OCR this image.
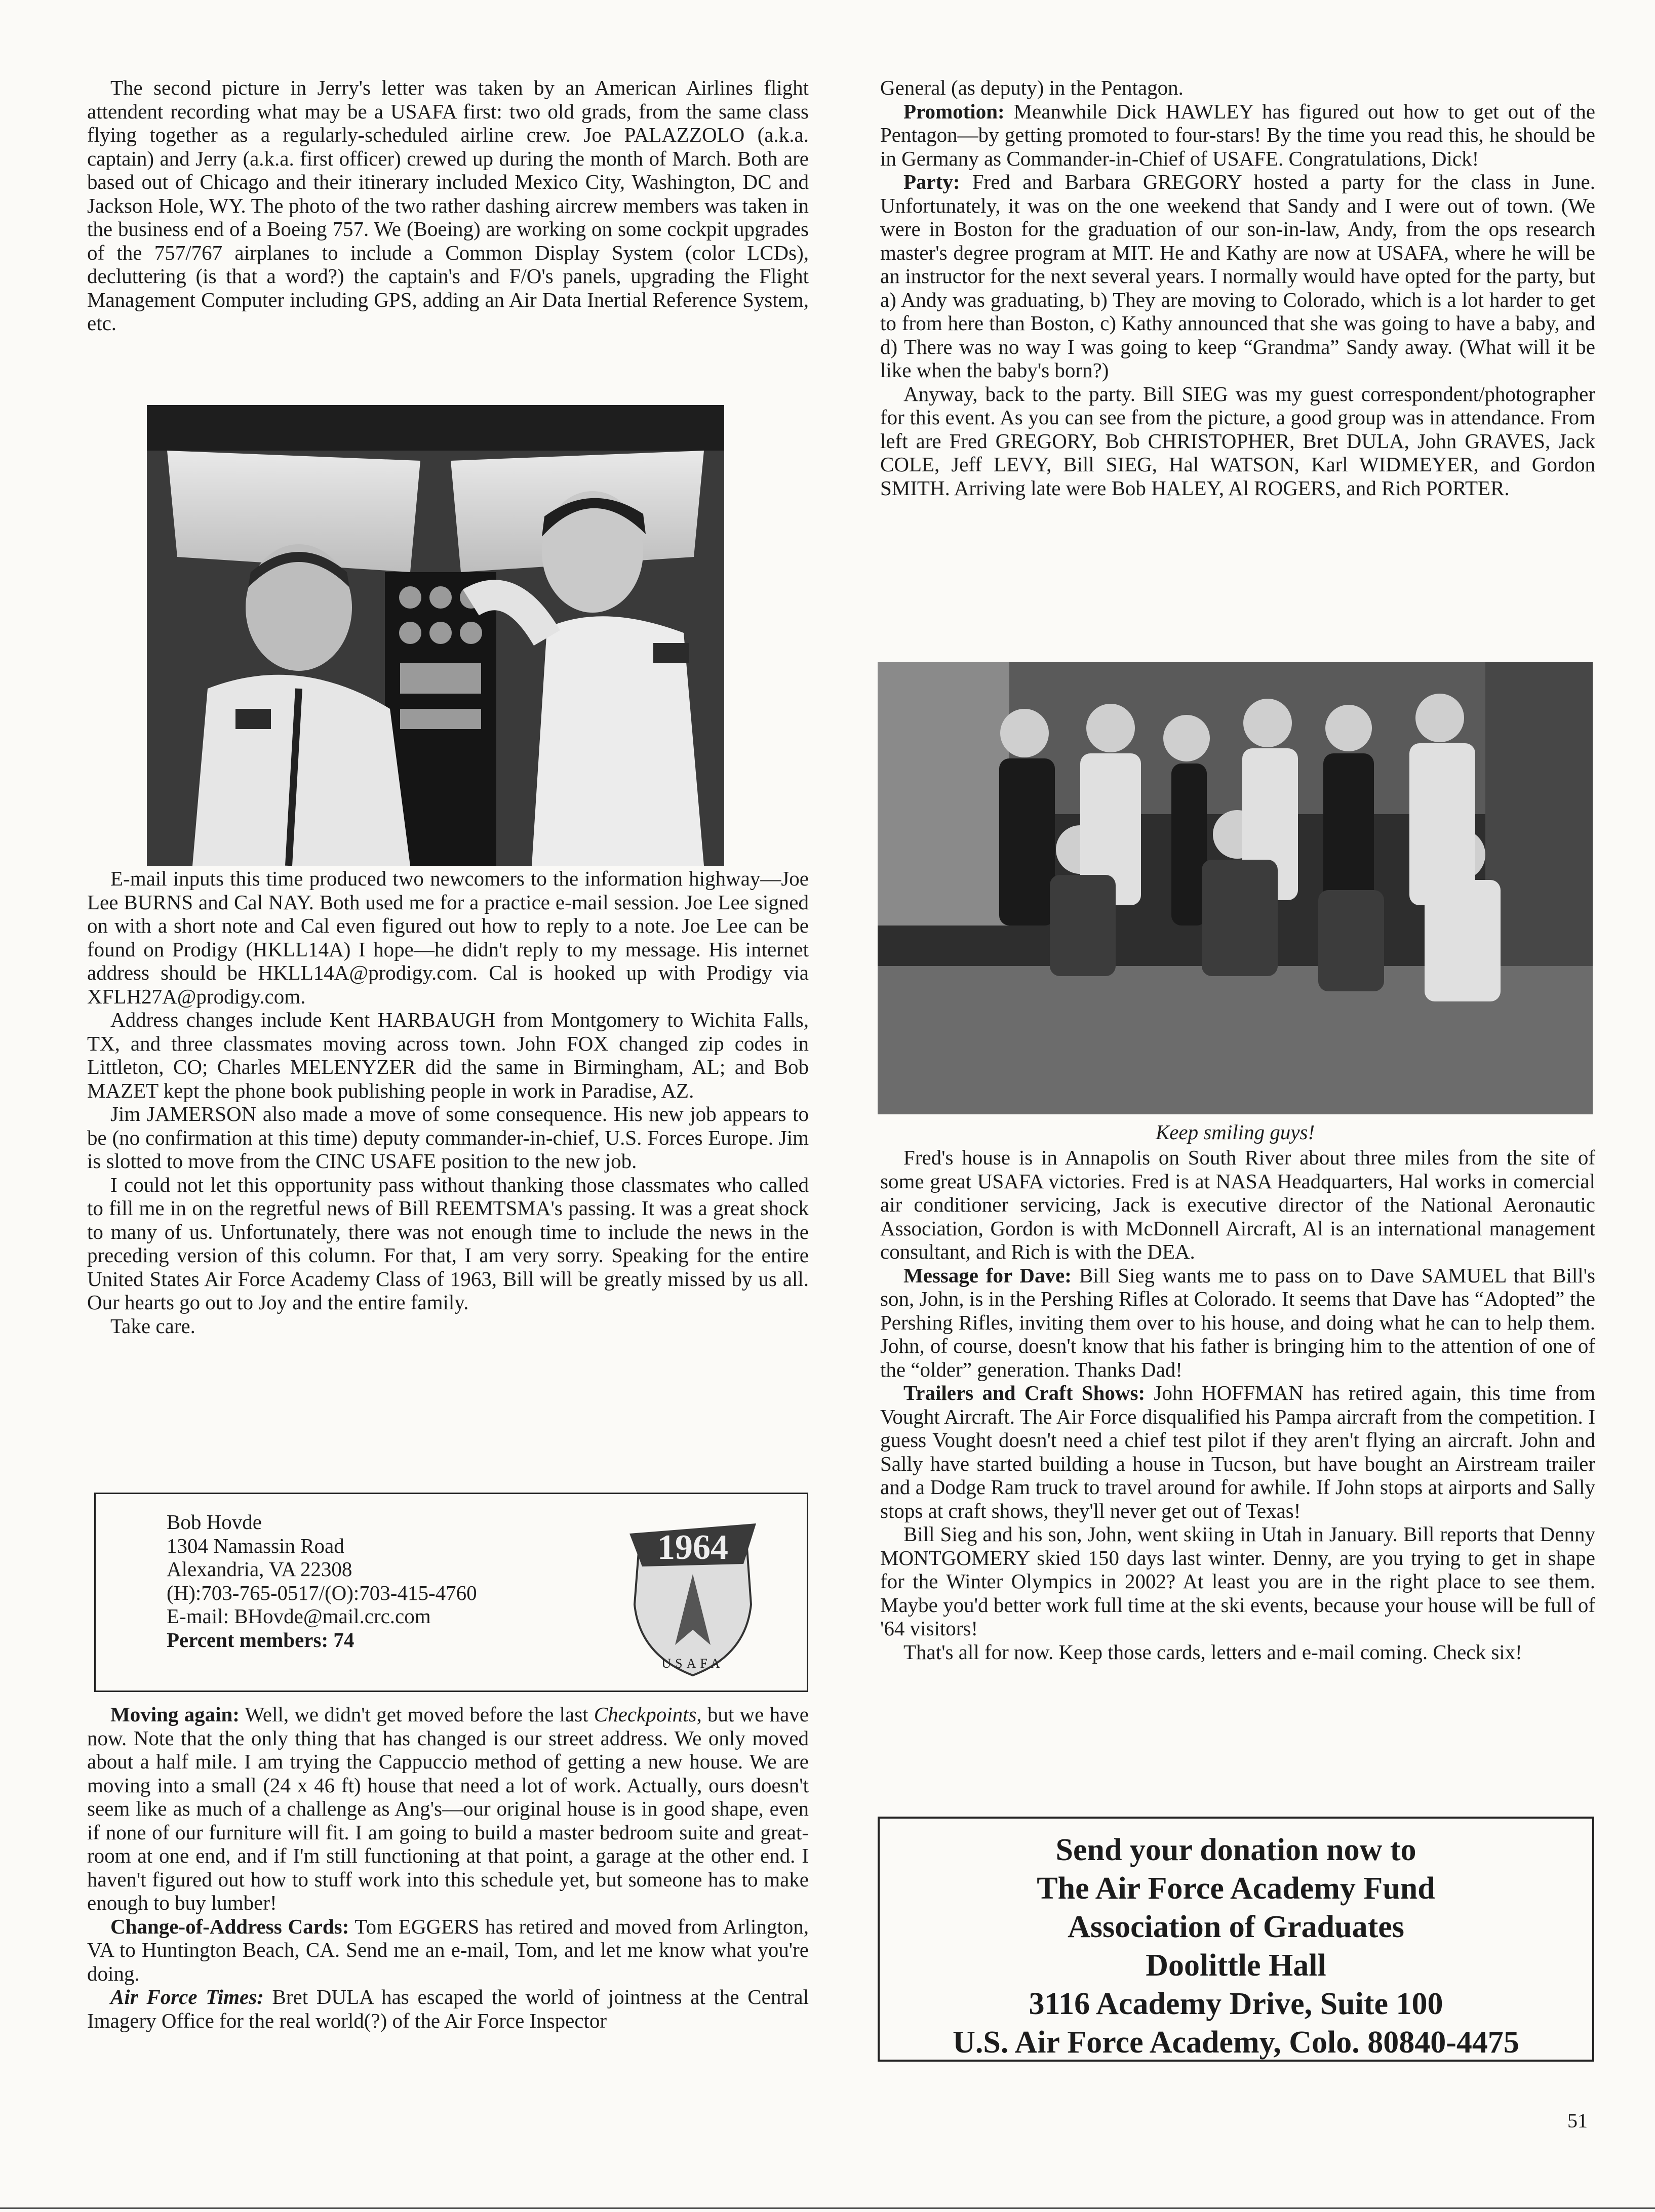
The second picture in Jerry's letter was taken by an American Airlines flight attendent recording what may be a USAFA first: two old grads, from the same class flying together as a regularly-scheduled airline crew. Joe PALAZZOLO (a.k.a. captain) and Jerry (a.k.a. first officer) crewed up during the month of March. Both are based out of Chicago and their itinerary included Mexico City, Washington, DC and Jackson Hole, WY. The photo of the two rather dashing aircrew members was taken in the business end of a Boeing 757. We (Boeing) are working on some cockpit upgrades of the 757/767 airplanes to include a Common Display System (color LCDs), decluttering (is that a word?) the captain's and F/O's panels, upgrading the Flight Management Computer including GPS, adding an Air Data Inertial Reference System, etc.

E-mail inputs this time produced two newcomers to the information highway—Joe Lee BURNS and Cal NAY. Both used me for a practice e-mail session. Joe Lee signed on with a short note and Cal even figured out how to reply to a note. Joe Lee can be found on Prodigy (HKLL14A) I hope—he didn't reply to my message. His internet address should be HKLL14A@prodigy.com. Cal is hooked up with Prodigy via XFLH27A@prodigy.com.

Address changes include Kent HARBAUGH from Montgomery to Wichita Falls, TX, and three classmates moving across town. John FOX changed zip codes in Littleton, CO; Charles MELENYZER did the same in Birmingham, AL; and Bob MAZET kept the phone book publishing people in work in Paradise, AZ.

Jim JAMERSON also made a move of some consequence. His new job appears to be (no confirmation at this time) deputy commander-in-chief, U.S. Forces Europe. Jim is slotted to move from the CINC USAFE position to the new job.

I could not let this opportunity pass without thanking those classmates who called to fill me in on the regretful news of Bill REEMTSMA's passing. It was a great shock to many of us. Unfortunately, there was not enough time to include the news in the preceding version of this column. For that, I am very sorry. Speaking for the entire United States Air Force Academy Class of 1963, Bill will be greatly missed by us all. Our hearts go out to Joy and the entire family.

Take care.

Bob Hovde
1304 Namassin Road
Alexandria, VA 22308
(H):703-765-0517/(O):703-415-4760
E-mail: BHovde@mail.crc.com
Percent members: 74
1964
USAFA

Moving again: Well, we didn't get moved before the last Checkpoints, but we have now. Note that the only thing that has changed is our street address. We only moved about a half mile. I am trying the Cappuccio method of getting a new house. We are moving into a small (24 x 46 ft) house that need a lot of work. Actually, ours doesn't seem like as much of a challenge as Ang's—our original house is in good shape, even if none of our furniture will fit. I am going to build a master bedroom suite and great-room at one end, and if I'm still functioning at that point, a garage at the other end. I haven't figured out how to stuff work into this schedule yet, but someone has to make enough to buy lumber!

Change-of-Address Cards: Tom EGGERS has retired and moved from Arlington, VA to Huntington Beach, CA. Send me an e-mail, Tom, and let me know what you're doing.

Air Force Times: Bret DULA has escaped the world of jointness at the Central Imagery Office for the real world(?) of the Air Force Inspector

General (as deputy) in the Pentagon.

Promotion: Meanwhile Dick HAWLEY has figured out how to get out of the Pentagon—by getting promoted to four-stars! By the time you read this, he should be in Germany as Commander-in-Chief of USAFE. Congratulations, Dick!

Party: Fred and Barbara GREGORY hosted a party for the class in June. Unfortunately, it was on the one weekend that Sandy and I were out of town. (We were in Boston for the graduation of our son-in-law, Andy, from the ops research master's degree program at MIT. He and Kathy are now at USAFA, where he will be an instructor for the next several years. I normally would have opted for the party, but a) Andy was graduating, b) They are moving to Colorado, which is a lot harder to get to from here than Boston, c) Kathy announced that she was going to have a baby, and d) There was no way I was going to keep “Grandma” Sandy away. (What will it be like when the baby's born?)

Anyway, back to the party. Bill SIEG was my guest correspondent/photographer for this event. As you can see from the picture, a good group was in attendance. From left are Fred GREGORY, Bob CHRISTOPHER, Bret DULA, John GRAVES, Jack COLE, Jeff LEVY, Bill SIEG, Hal WATSON, Karl WIDMEYER, and Gordon SMITH. Arriving late were Bob HALEY, Al ROGERS, and Rich PORTER.

Keep smiling guys!

Fred's house is in Annapolis on South River about three miles from the site of some great USAFA victories. Fred is at NASA Headquarters, Hal works in comercial air conditioner servicing, Jack is executive director of the National Aeronautic Association, Gordon is with McDonnell Aircraft, Al is an international management consultant, and Rich is with the DEA.

Message for Dave: Bill Sieg wants me to pass on to Dave SAMUEL that Bill's son, John, is in the Pershing Rifles at Colorado. It seems that Dave has “Adopted” the Pershing Rifles, inviting them over to his house, and doing what he can to help them. John, of course, doesn't know that his father is bringing him to the attention of one of the “older” generation. Thanks Dad!

Trailers and Craft Shows: John HOFFMAN has retired again, this time from Vought Aircraft. The Air Force disqualified his Pampa aircraft from the competition. I guess Vought doesn't need a chief test pilot if they aren't flying an aircraft. John and Sally have started building a house in Tucson, but have bought an Airstream trailer and a Dodge Ram truck to travel around for awhile. If John stops at airports and Sally stops at craft shows, they'll never get out of Texas!

Bill Sieg and his son, John, went skiing in Utah in January. Bill reports that Denny MONTGOMERY skied 150 days last winter. Denny, are you trying to get in shape for the Winter Olympics in 2002? At least you are in the right place to see them. Maybe you'd better work full time at the ski events, because your house will be full of '64 visitors!

That's all for now. Keep those cards, letters and e-mail coming. Check six!

Send your donation now to
The Air Force Academy Fund
Association of Graduates
Doolittle Hall
3116 Academy Drive, Suite 100
U.S. Air Force Academy, Colo. 80840-4475
51
